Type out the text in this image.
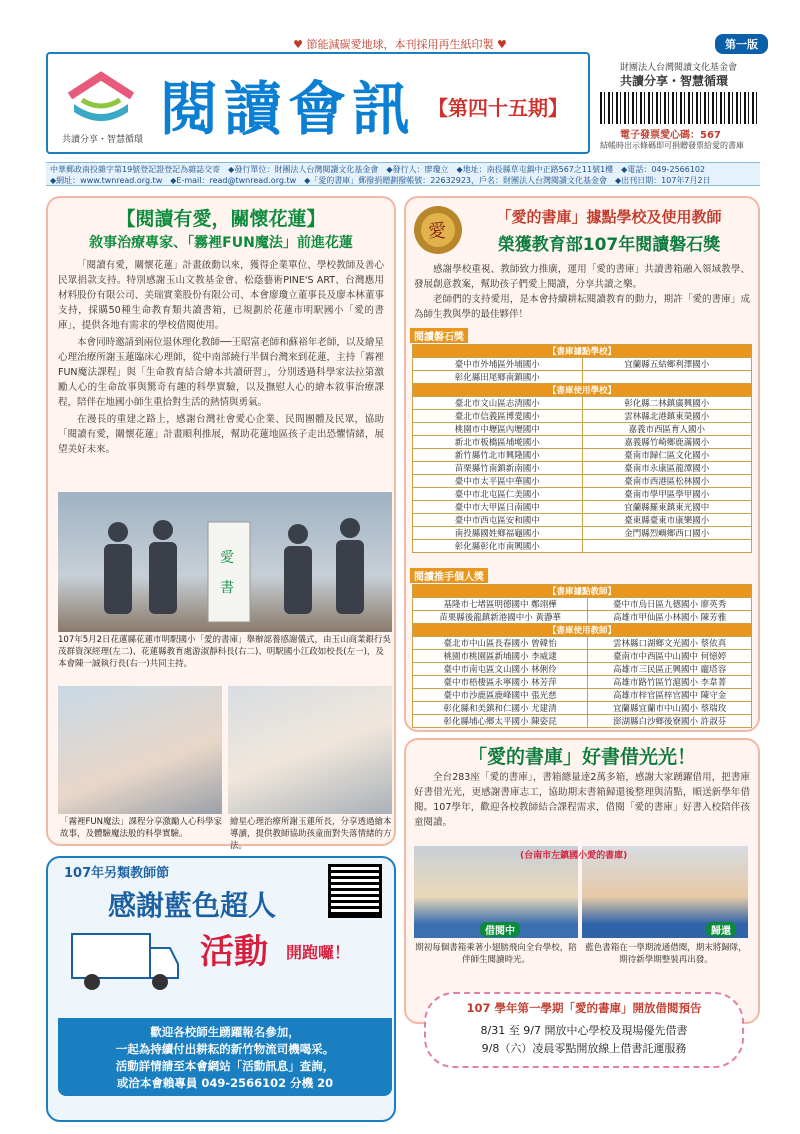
♥ 節能減碳愛地球，本刊採用再生紙印製 ♥	第一版
共讀分享・智慧循環 閱讀會訊 【第四十五期】
財團法人台灣閱讀文化基金會
共讀分享・智慧循環
電子發票愛心碼：567
結帳時出示條碼即可捐贈發票給愛的書庫
中華郵政南投雜字第19號登記證登記為雜誌交寄　◆發行單位：財團法人台灣閱讀文化基金會　◆發行人：廖瓊立　◆地址：南投縣草屯鎮中正路567之11號1樓　◆電話：049-2566102
◆網址：www.twnread.org.tw　◆E-mail：read@twnread.org.tw　◆「愛的書庫」郵撥捐贈劃撥帳號：22632923，戶名：財團法人台灣閱讀文化基金會　◆出刊日期：107年7月2日
【閱讀有愛，關懷花蓮】
敘事治療專家、「霧裡FUN魔法」前進花蓮

「閱讀有愛，關懷花蓮」計畫啟動以來，獲得企業單位、學校教師及善心民眾捐款支持。特別感謝玉山文教基金會、松蔭藝術PINE'S ART、台灣應用材料股份有限公司、美瑞實業股份有限公司、本會廖瓊立董事長及廖本林董事支持，採購50種生命教育類共讀書箱，已規劃於花蓮市明駅國小「愛的書庫」，提供各地有需求的學校借閱使用。

本會同時邀請到兩位退休理化教師──王昭富老師和蘇裕年老師，以及繪星心理治療所謝玉蓮臨床心理師，從中南部繞行半個台灣來到花蓮，主持「霧裡FUN魔法課程」與「生命教育結合繪本共讀研習」，分別透過科學家法拉第激勵人心的生命故事與驚奇有趣的科學實驗，以及撫慰人心的繪本敘事治療課程，陪伴在地國小師生重拾對生活的熱情與勇氣。

在漫長的重建之路上，感謝台灣社會愛心企業、民間團體及民眾，協助「閱讀有愛，關懷花蓮」計畫順利推展，幫助花蓮地區孩子走出恐懼情緒，展望美好未來。

愛
書
107年5月2日花蓮縣花蓮市明駅國小「愛的書庫」舉辦認養感謝儀式，由玉山商業銀行吳茂群資深經理(左二)、花蓮縣教育處游淑靜科長(右二)、明駅國小江政如校長(左一)，及本會陳一誠執行長(右一)共同主持。
「霧裡FUN魔法」課程分享激勵人心科學家故事，及體驗魔法般的科學實驗。
繪星心理治療所謝玉蓮所長，分享透過繪本導讀，提供教師協助孩童面對失落情緒的方法。
107年另類教師節
感謝藍色超人
活動 開跑囉！
歡迎各校師生踴躍報名參加，
一起為持續付出耕耘的新竹物流司機喝采。
活動詳情請至本會網站「活動訊息」查詢，
或洽本會賴專員 049-2566102 分機 20
愛
「愛的書庫」據點學校及使用教師
榮獲教育部107年閱讀磐石獎

感謝學校重視、教師致力推廣，運用「愛的書庫」共讀書箱融入領域教學、發展創意教案，幫助孩子們愛上閱讀，分享共讀之樂。

老師們的支持愛用，是本會持續耕耘閱讀教育的動力，期許「愛的書庫」成為師生教與學的最佳夥伴！

閱讀磐石獎
【書庫據點學校】	
臺中市外埔區外埔國小	宜蘭縣五結鄉利澤國小
彰化縣田尾鄉南鎮國小	
【書庫使用學校】	
臺北市文山區志清國小	彰化縣二林鎮廣興國小
臺北市信義區博愛國小	雲林縣北港鎮東榮國小
桃園市中壢區內壢國中	嘉義市西區育人國小
新北市板橋區埔墘國小	嘉義縣竹崎鄉鹿滿國小
新竹縣竹北市興隆國小	臺南市歸仁區文化國小
苗栗縣竹南鎮新南國小	臺南市永康區龍潭國小
臺中市太平區中華國小	臺南市西港區松林國小
臺中市北屯區仁美國小	臺南市學甲區學甲國小
臺中市大甲區日南國中	宜蘭縣羅東鎮東光國中
臺中市西屯區安和國中	臺東縣臺東市康樂國小
南投縣國姓鄉福龜國小	金門縣烈嶼鄉西口國小
彰化縣彰化市南興國小	
閱讀推手個人獎
【書庫據點教師】	
基隆市七堵區明德國中 鄭翊樺	臺中市烏日區九德國小 廖英秀
苗栗縣後龍鎮新港國中小 黃瀞華	高雄市甲仙區小林國小 陳芳雅
【書庫使用教師】	
臺北市中山區長春國小 曾韓怡	雲林縣口湖鄉文光國小 蔡依真
桃園市桃園區新埔國小 李威逮	臺南市中西區中山國中 何憶婷
臺中市南屯區文山國小 林俐伶	高雄市三民區正興國中 龐塔容
臺中市梧棲區永寧國小 林芳萍	高雄市路竹區竹滬國小 李韋菁
臺中市沙鹿區鹿峰國中 張光慈	高雄市梓官區梓官國中 陳守金
彰化縣和美鎮和仁國小 尤建清	宜蘭縣宜蘭市中山國小 蔡瑞玫
彰化縣埔心鄉太平國小 陳姿昆	澎湖縣白沙鄉後寮國小 許淑芬
「愛的書庫」好書借光光！

全台283座「愛的書庫」，書箱總量達2萬多箱，感謝大家踴躍借用，把書庫好書借光光，更感謝書庫志工，協助期末書箱歸還後整理與清點，順送新學年借閱。107學年，歡迎各校教師結合課程需求，借閱「愛的書庫」好書入校陪伴孩童閱讀。

(台南市左鎮國小愛的書庫)
借閱中	歸還
期初每個書箱乘著小翅膀飛向全台學校，陪伴師生閱讀時光。
藍色書箱在一學期流通借閱，期末將歸隊，期待新學期整裝再出發。
107 學年第一學期「愛的書庫」開放借閱預告
8/31 至 9/7 開放中心學校及現場優先借書
9/8（六）凌晨零點開放線上借書託運服務
